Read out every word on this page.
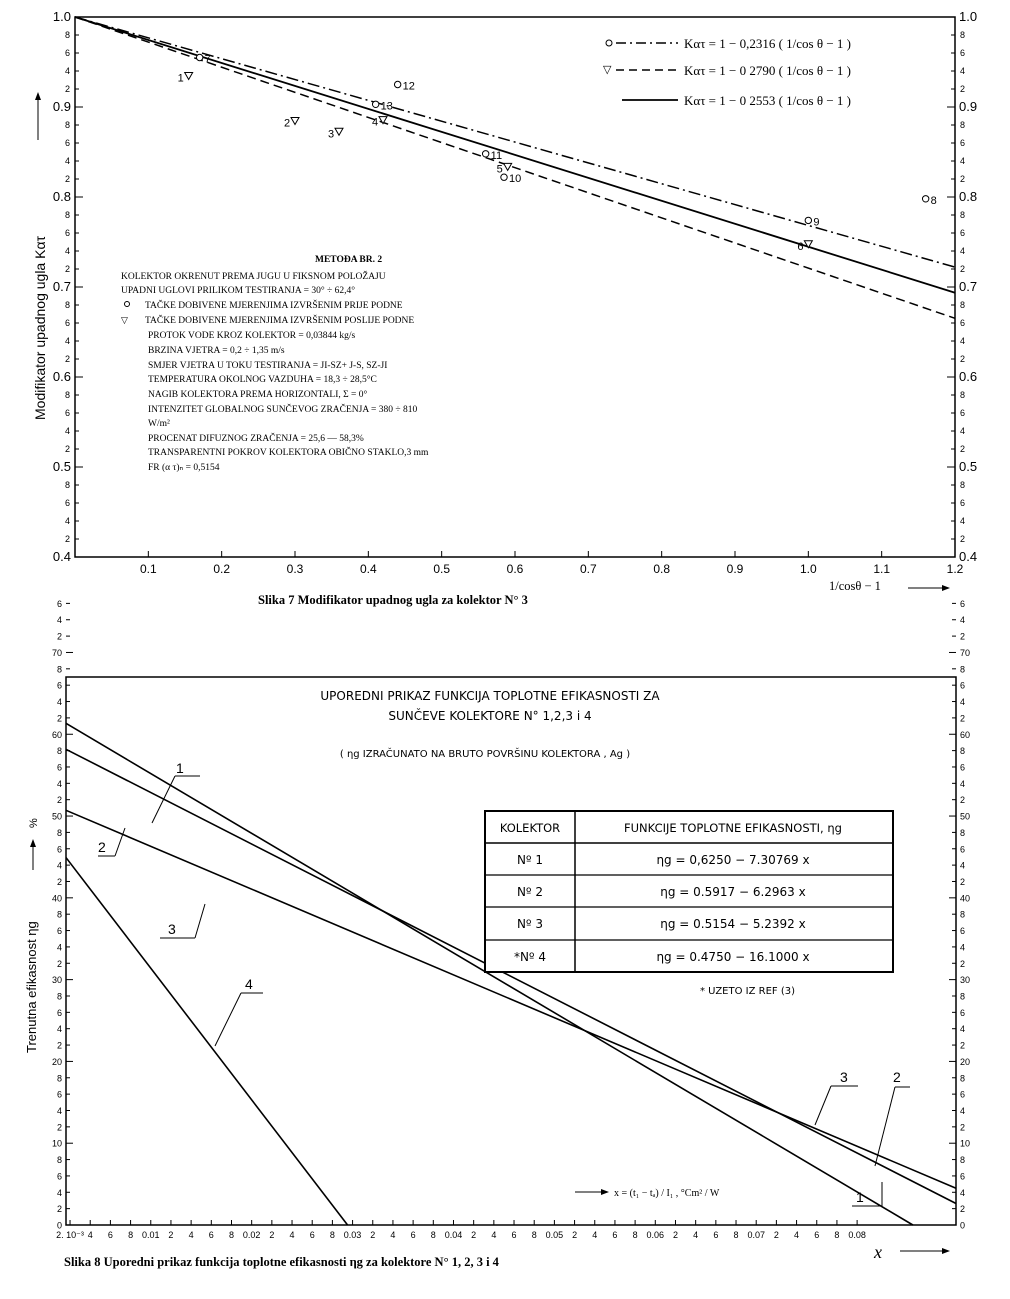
0.4	0.4
2	2
4	4
6	6
8	8
0.5	0.5
2	2
4	4
6	6
8	8
0.6	0.6
2	2
4	4
6	6
8	8
0.7	0.7
2	2
4	4
6	6
8	8
0.8	0.8
2	2
4	4
6	6
8	8
0.9	0.9
2	2
4	4
6	6
8	8
1.0	1.0
0.1	0.2	0.3	0.4	0.5	0.6	0.7	0.8	0.9	1.0	1.1	1.2
7
12
13
11
10
9
8
1
2
3
4
5
6
Kατ = 1 − 0,2316 ( 1/cos θ − 1 )
▽	Kατ = 1 − 0 2790 ( 1/cos θ − 1 )
Kατ = 1 − 0 2553 ( 1/cos θ − 1 )
METOĐA BR. 2
KOLEKTOR OKRENUT PREMA JUGU U FIKSNOM POLOŽAJU
UPADNI UGLOVI PRILIKOM TESTIRANJA = 30° ÷ 62,4°
TAČKE DOBIVENE MJERENJIMA IZVRŠENIM PRIJE PODNE
▽ TAČKE DOBIVENE MJERENJIMA IZVRŠENIM POSLIJE PODNE
PROTOK VODE KROZ KOLEKTOR = 0,03844 kg/s
BRZINA VJETRA = 0,2 ÷ 1,35 m/s
SMJER VJETRA U TOKU TESTIRANJA = JI-SZ+ J-S, SZ-JI
TEMPERATURA OKOLNOG VAZDUHA = 18,3 ÷ 28,5°C
NAGIB KOLEKTORA PREMA HORIZONTALI, Σ = 0°
INTENZITET GLOBALNOG SUNČEVOG ZRAČENJA = 380 ÷ 810
W/m²
PROCENAT DIFUZNOG ZRAČENJA = 25,6 — 58,3%
TRANSPARENTNI POKROV KOLEKTORA OBIČNO STAKLO,3 mm
FR (α τ)ₙ = 0,5154
Modifikator upadnog ugla Kατ
1/cosθ − 1
Slika 7 Modifikator upadnog ugla za kolektor N° 3
0	0
2	2
4	4
6	6
8	8
10	10
2	2
4	4
6	6
8	8
20	20
2	2
4	4
6	6
8	8
30	30
2	2
4	4
6	6
8	8
40	40
2	2
4	4
6	6
8	8
50	50
2	2
4	4
6	6
8	8
60	60
2	2
4	4
6	6
8	8
70	70
2	2
4	4
6	6
2. 10⁻³ 4 6 8 0.01 2 4 6 8 0.02 2 4 6 8 0.03 2 4 6 8 0.04 2 4 6 8 0.05 2 4 6 8 0.06 2 4 6 8 0.07 2 4 6 8 0.08
UPOREDNI PRIKAZ FUNKCIJA TOPLOTNE EFIKASNOSTI ZA
SUNČEVE KOLEKTORE N° 1,2,3 i 4
( ηg IZRAČUNATO NA BRUTO POVRŠINU KOLEKTORA , Ag )
1
2
3
4
3	2
1
KOLEKTOR	FUNKCIJE TOPLOTNE EFIKASNOSTI, ηg
Nº 1	ηg = 0,6250 − 7.30769 x
Nº 2	ηg = 0.5917 − 6.2963 x
Nº 3	ηg = 0.5154 − 5.2392 x
*Nº 4	ηg = 0.4750 − 16.1000 x
* UZETO IZ REF (3)
x = (t₁ − tₐ) / I₁ , °Cm² / W
Trenutna efikasnost ηg
%
x
Slika 8 Uporedni prikaz funkcija toplotne efikasnosti ηg za kolektore N° 1, 2, 3 i 4
